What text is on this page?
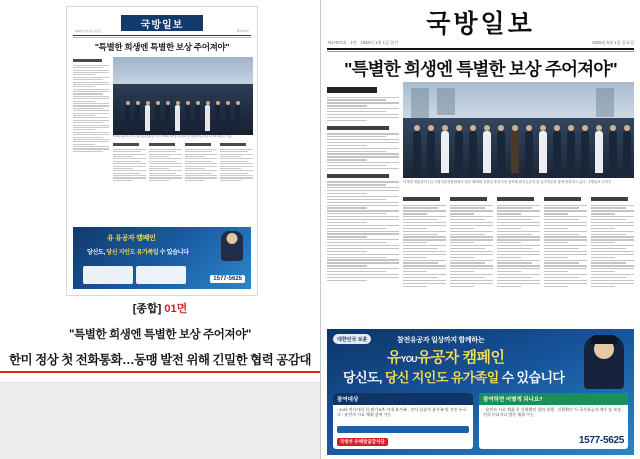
국방일보
2025년 6월 1일 일요일	제17073호
"특별한 희생엔 특별한 보상 주어져야"
이재명 대통령이 1일 국립서울현충원에서 열린 제70회 현충일 추념식에 참석해 참전유공자들과 함께 묵념하고 있다.
유 유공자 캠페인
당신도, 당신 지인도 유가족일 수 있습니다
1577-5625
[종합] 01면
"특별한 희생엔 특별한 보상 주어져야"
한미 정상 첫 전화통화…동맹 발전 위해 긴밀한 협력 공감대
국방일보
제17073호 · 1면 · 1963년 1월 1일 창간	2025년 6월 1일 일요일
"특별한 희생엔 특별한 보상 주어져야"
이재명 대통령이 1일 국립서울현충원에서 열린 제70회 현충일 추념식에 참석해 참전유공자 및 유가족들과 함께 헌화하고 있다. 국방일보 사진부
대한민국 보훈	참전유공자 일상까지 함께하는
유YOU유공자 캠페인
당신도, 당신 지인도 유가족일 수 있습니다
참여대상
· 6·25 전사자의 친·외가 8촌 이내 유가족 · 전사·실종자 유가족 및 지인 누구나 · 유전자 시료 채취 참여 가능
국방부 유해발굴감식단
참여하면 어떻게 되나요?
· 유전자 시료 채취 후 신원확인 절차 진행 · 신원확인 시 국가유공자 예우 및 보상 · 전국 어디서나 방문 채취 가능
1577-5625
